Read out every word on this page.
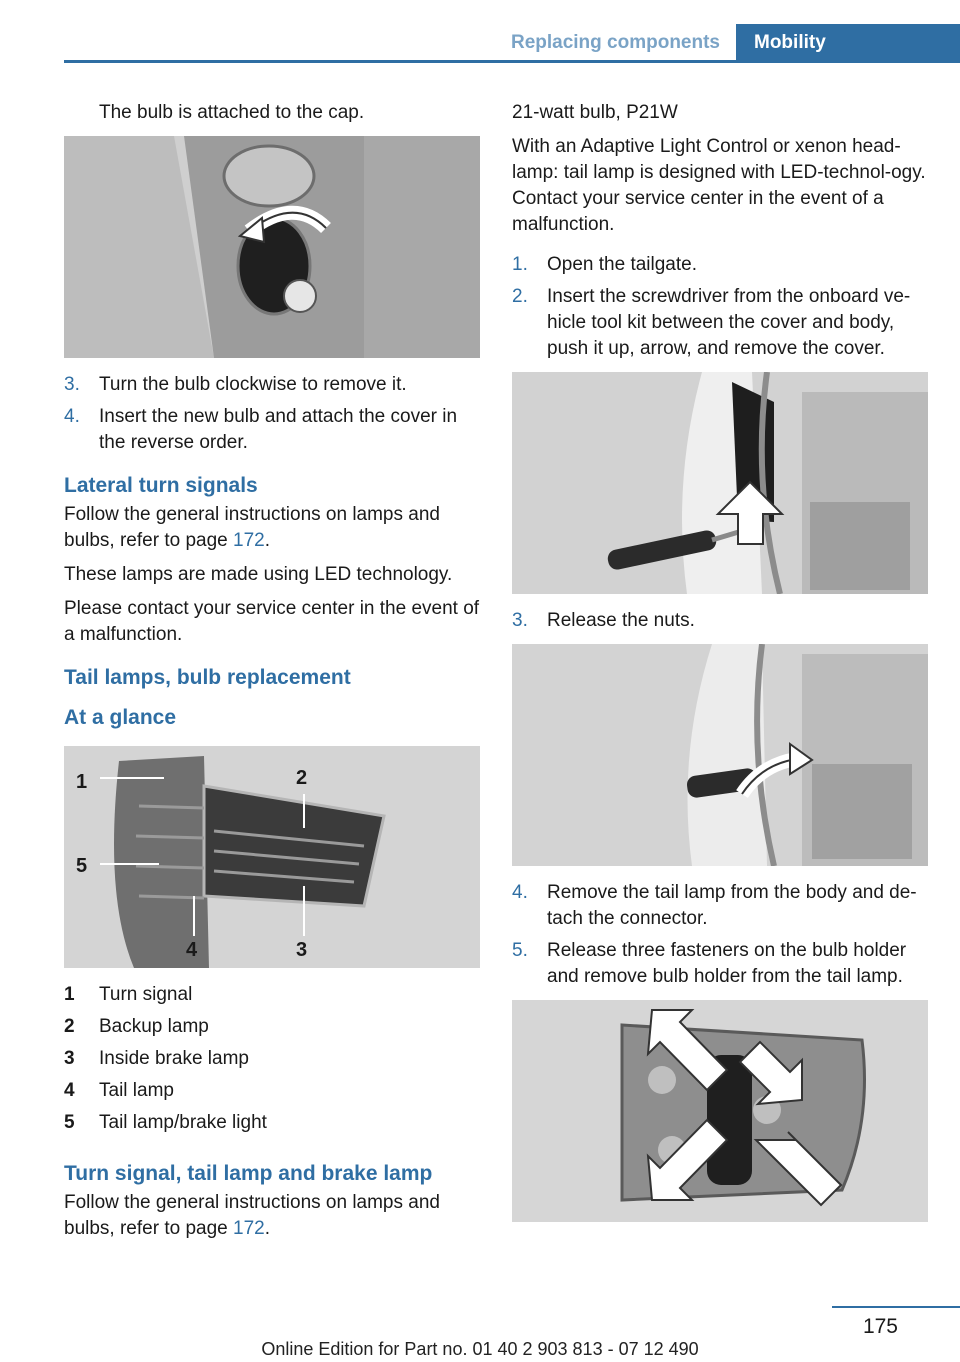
Replacing components	Mobility

The bulb is attached to the cap.

3. Turn the bulb clockwise to remove it.
4. Insert the new bulb and attach the cover in the reverse order.
Lateral turn signals

Follow the general instructions on lamps and bulbs, refer to page 172.

These lamps are made using LED technology.

Please contact your service center in the event of a malfunction.

Tail lamps, bulb replacement
At a glance
1	2
3
4
5
1	Turn signal
2	Backup lamp
3	Inside brake lamp
4	Tail lamp
5	Tail lamp/brake light
Turn signal, tail lamp and brake lamp

Follow the general instructions on lamps and bulbs, refer to page 172.

21-watt bulb, P21W

With an Adaptive Light Control or xenon head-lamp: tail lamp is designed with LED-technol-ogy. Contact your service center in the event of a malfunction.

1. Open the tailgate.
2. Insert the screwdriver from the onboard ve-hicle tool kit between the cover and body, push it up, arrow, and remove the cover.
3. Release the nuts.
4. Remove the tail lamp from the body and de-tach the connector.
5. Release three fasteners on the bulb holder and remove bulb holder from the tail lamp.
175
Online Edition for Part no. 01 40 2 903 813 - 07 12 490
